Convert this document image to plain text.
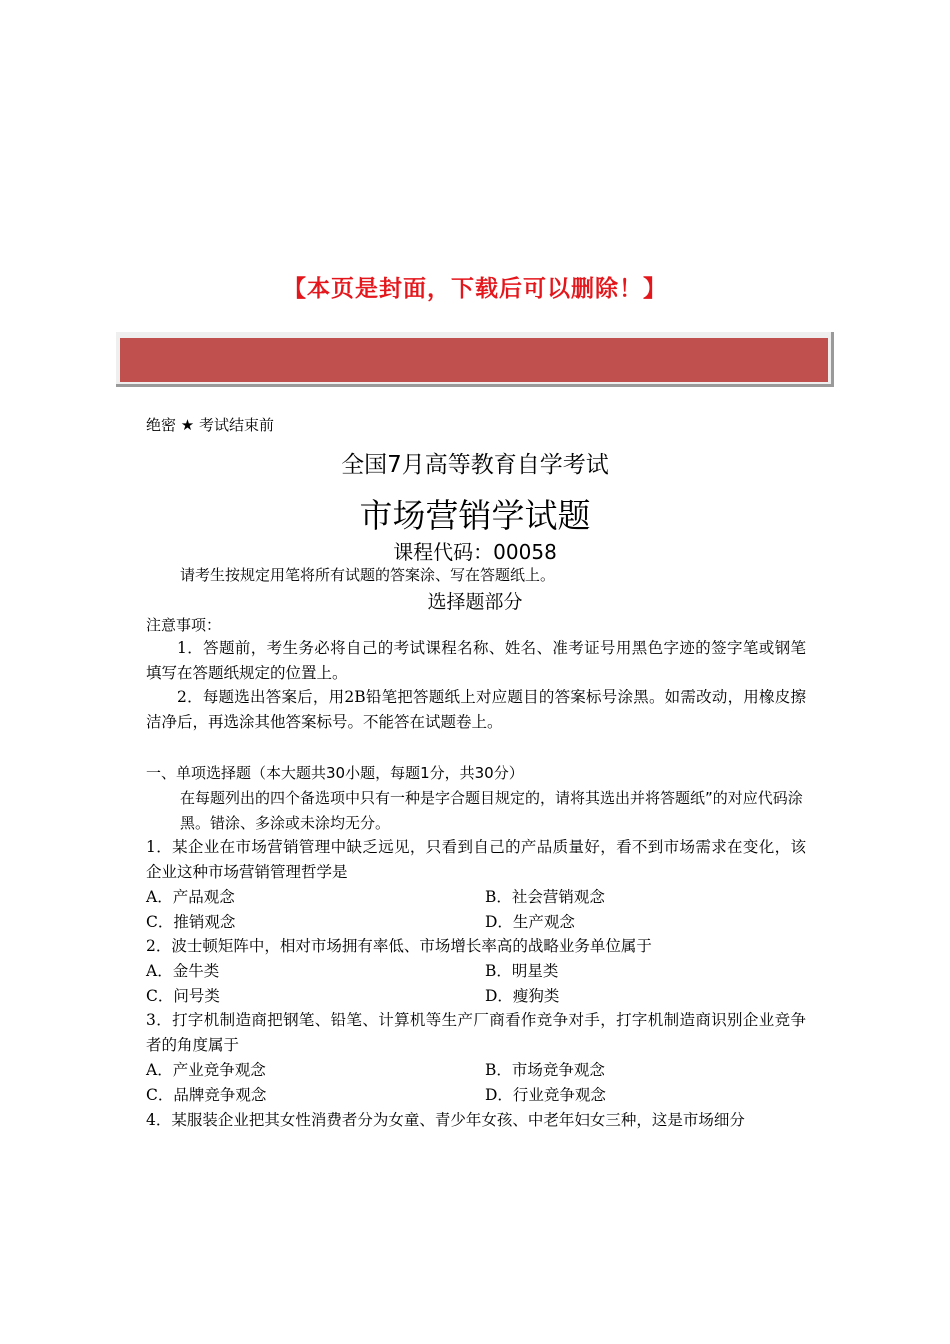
【本页是封面，下载后可以删除！】
绝密 ★ 考试结束前
全国7月高等教育自学考试
市场营销学试题
课程代码：00058
请考生按规定用笔将所有试题的答案涂、写在答题纸上。
选择题部分
注意事项：
1．答题前，考生务必将自己的考试课程名称、姓名、准考证号用黑色字迹的签字笔或钢笔填写在答题纸规定的位置上。
2．每题选出答案后，用2B铅笔把答题纸上对应题目的答案标号涂黑。如需改动，用橡皮擦洁净后，再选涂其他答案标号。不能答在试题卷上。
一、单项选择题（本大题共30小题，每题1分，共30分）
在每题列出的四个备选项中只有一种是字合题目规定的，请将其选出并将答题纸”的对应代码涂黑。错涂、多涂或未涂均无分。
1．某企业在市场营销管理中缺乏远见，只看到自己的产品质量好，看不到市场需求在变化，该企业这种市场营销管理哲学是
A．产品观念	B．社会营销观念
C．推销观念	D．生产观念
2．波士顿矩阵中，相对市场拥有率低、市场增长率高的战略业务单位属于
A．金牛类	B．明星类
C．问号类	D．瘦狗类
3．打字机制造商把钢笔、铅笔、计算机等生产厂商看作竞争对手，打字机制造商识别企业竞争者的角度属于
A．产业竞争观念	B．市场竞争观念
C．品牌竞争观念	D．行业竞争观念
4．某服装企业把其女性消费者分为女童、青少年女孩、中老年妇女三种，这是市场细分
